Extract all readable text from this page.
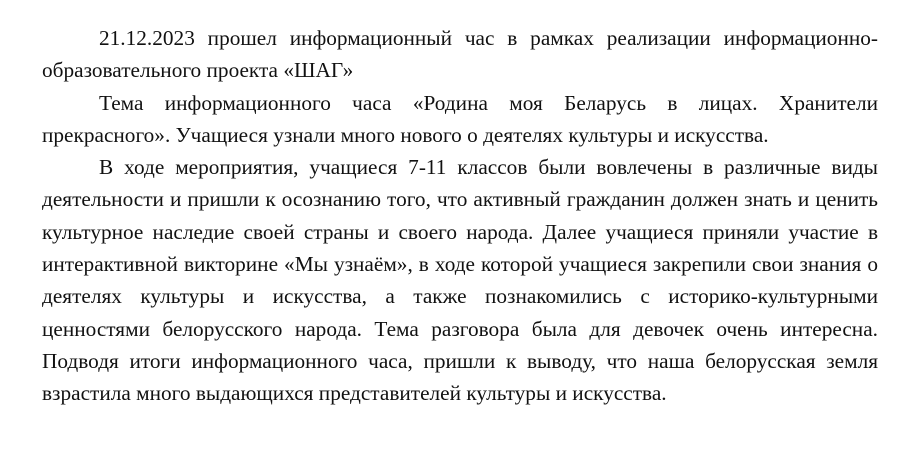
21.12.2023 прошел информационный час в рамках реализации информационно-образовательного проекта «ШАГ»

Тема информационного часа «Родина моя Беларусь в лицах. Хранители прекрасного». Учащиеся узнали много нового о деятелях культуры и искусства.

В ходе мероприятия, учащиеся 7-11 классов были вовлечены в различные виды деятельности и пришли к осознанию того, что активный гражданин должен знать и ценить культурное наследие своей страны и своего народа. Далее учащиеся приняли участие в интерактивной викторине «Мы узнаём», в ходе которой учащиеся закрепили свои знания о деятелях культуры и искусства, а также познакомились с историко-культурными ценностями белорусского народа. Тема разговора была для девочек очень интересна. Подводя итоги информационного часа, пришли к выводу, что наша белорусская земля взрастила много выдающихся представителей культуры и искусства.
